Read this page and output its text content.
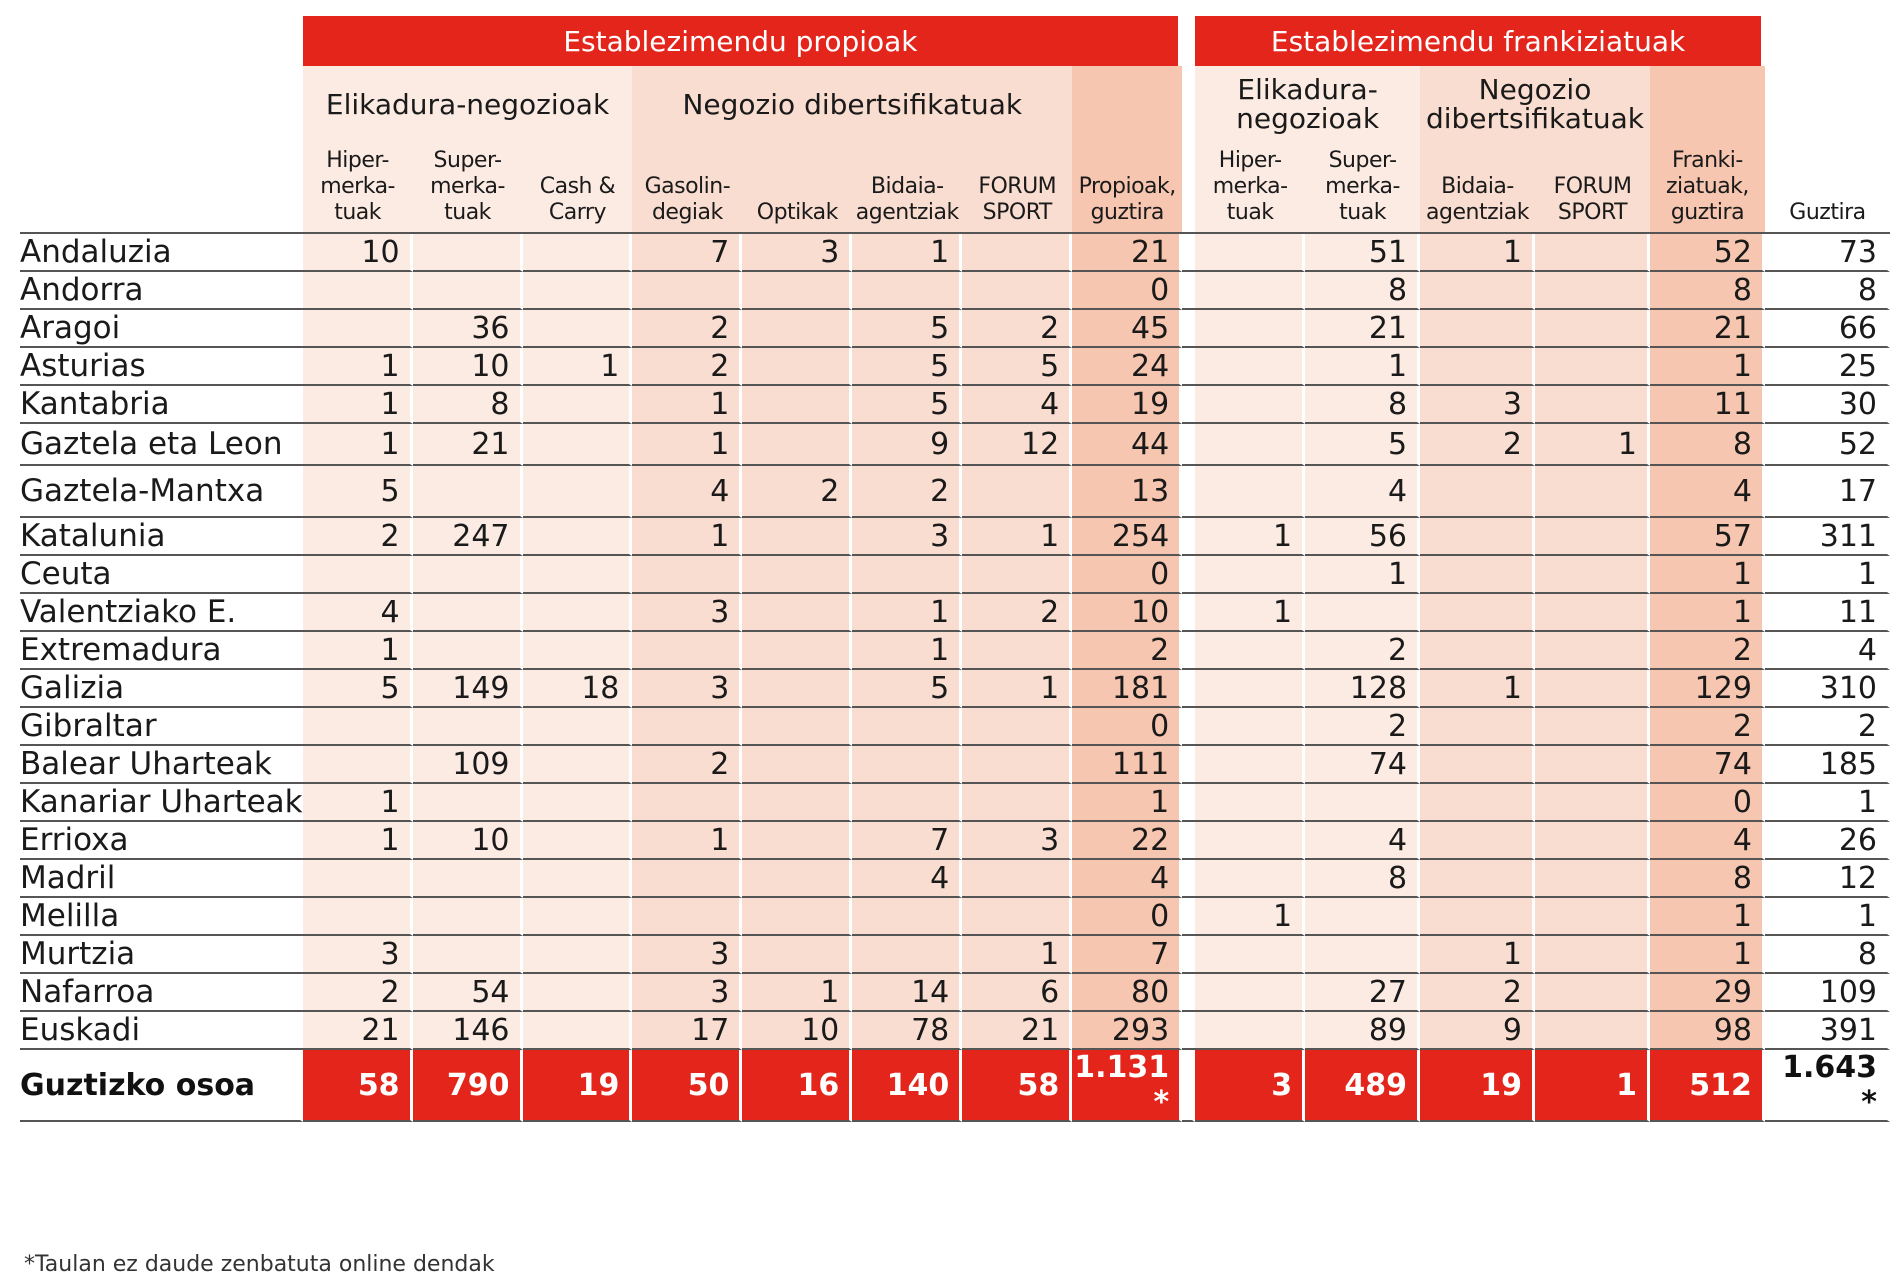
	Establezimendu propioak									Establezimendu frankiziatuak					
	Elikadura-negozioak			Negozio dibertsifikatuak						Elikadura-
negozioak		Negozio
dibertsifikatuak			
	Hiper-
merka-
tuak	Super-
merka-
tuak	Cash &
Carry	Gasolin-
degiak	Optikak	Bidaia-
agentziak	FORUM
SPORT	Propioak,
guztira		Hiper-
merka-
tuak	Super-
merka-
tuak	Bidaia-
agentziak	FORUM
SPORT	Franki-
ziatuak,
guztira	Guztira
Andaluzia	10			7	3	1		21			51	1		52	73
Andorra								0			8			8	8
Aragoi		36		2		5	2	45			21			21	66
Asturias	1	10	1	2		5	5	24			1			1	25
Kantabria	1	8		1		5	4	19			8	3		11	30
Gaztela eta Leon	1	21		1		9	12	44			5	2	1	8	52
Gaztela-Mantxa	5			4	2	2		13			4			4	17
Katalunia	2	247		1		3	1	254		1	56			57	311
Ceuta								0			1			1	1
Valentziako E.	4			3		1	2	10		1				1	11
Extremadura	1					1		2			2			2	4
Galizia	5	149	18	3		5	1	181			128	1		129	310
Gibraltar								0			2			2	2
Balear Uharteak		109		2				111			74			74	185
Kanariar Uharteak	1							1						0	1
Errioxa	1	10		1		7	3	22			4			4	26
Madril						4		4			8			8	12
Melilla								0		1				1	1
Murtzia	3			3			1	7				1		1	8
Nafarroa	2	54		3	1	14	6	80			27	2		29	109
Euskadi	21	146		17	10	78	21	293			89	9		98	391
Guztizko osoa	58	790	19	50	16	140	58	1.131 *		3	489	19	1	512	1.643 *
*Taulan ez daude zenbatuta online dendak
